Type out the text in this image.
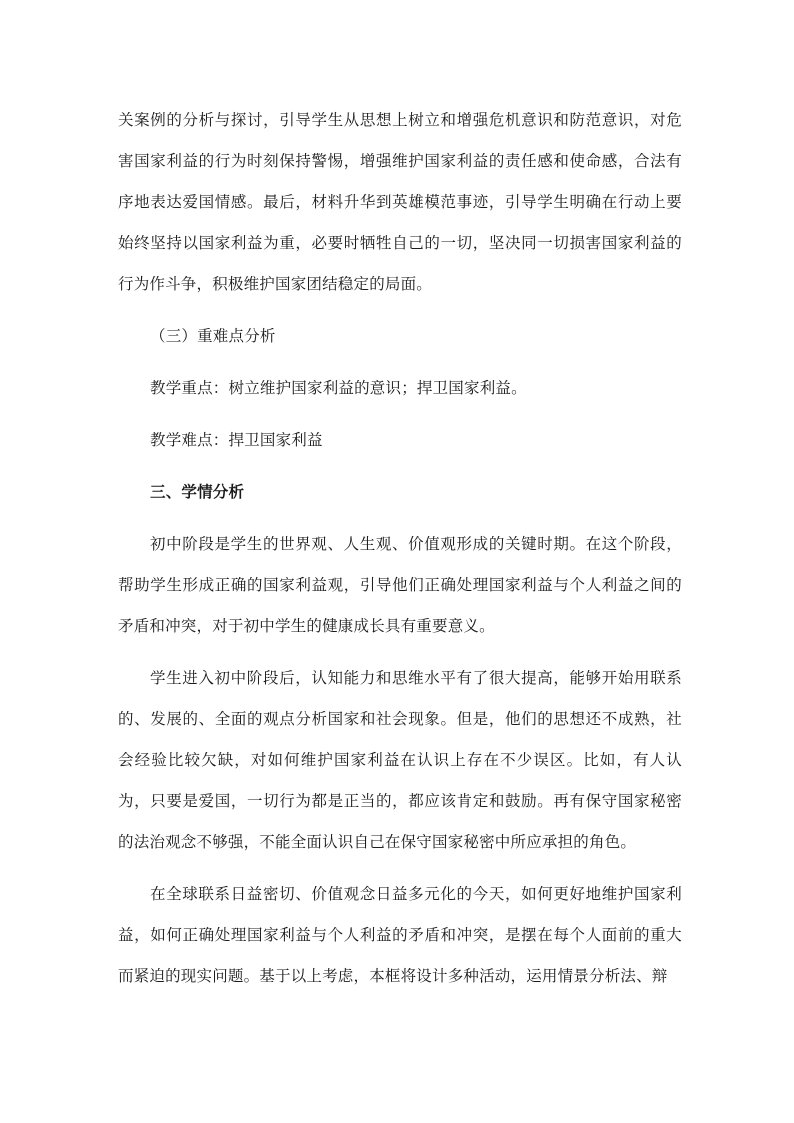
关案例的分析与探讨，引导学生从思想上树立和增强危机意识和防范意识，对危害国家利益的行为时刻保持警惕，增强维护国家利益的责任感和使命感，合法有序地表达爱国情感。最后，材料升华到英雄模范事迹，引导学生明确在行动上要始终坚持以国家利益为重，必要时牺牲自己的一切，坚决同一切损害国家利益的行为作斗争，积极维护国家团结稳定的局面。

（三）重难点分析

教学重点：树立维护国家利益的意识；捍卫国家利益。

教学难点：捍卫国家利益

三、学情分析

初中阶段是学生的世界观、人生观、价值观形成的关键时期。在这个阶段，帮助学生形成正确的国家利益观，引导他们正确处理国家利益与个人利益之间的矛盾和冲突，对于初中学生的健康成长具有重要意义。

学生进入初中阶段后，认知能力和思维水平有了很大提高，能够开始用联系的、发展的、全面的观点分析国家和社会现象。但是，他们的思想还不成熟，社会经验比较欠缺，对如何维护国家利益在认识上存在不少误区。比如，有人认为，只要是爱国，一切行为都是正当的，都应该肯定和鼓励。再有保守国家秘密的法治观念不够强，不能全面认识自己在保守国家秘密中所应承担的角色。

在全球联系日益密切、价值观念日益多元化的今天，如何更好地维护国家利益，如何正确处理国家利益与个人利益的矛盾和冲突，是摆在每个人面前的重大而紧迫的现实问题。基于以上考虑，本框将设计多种活动，运用情景分析法、辩
